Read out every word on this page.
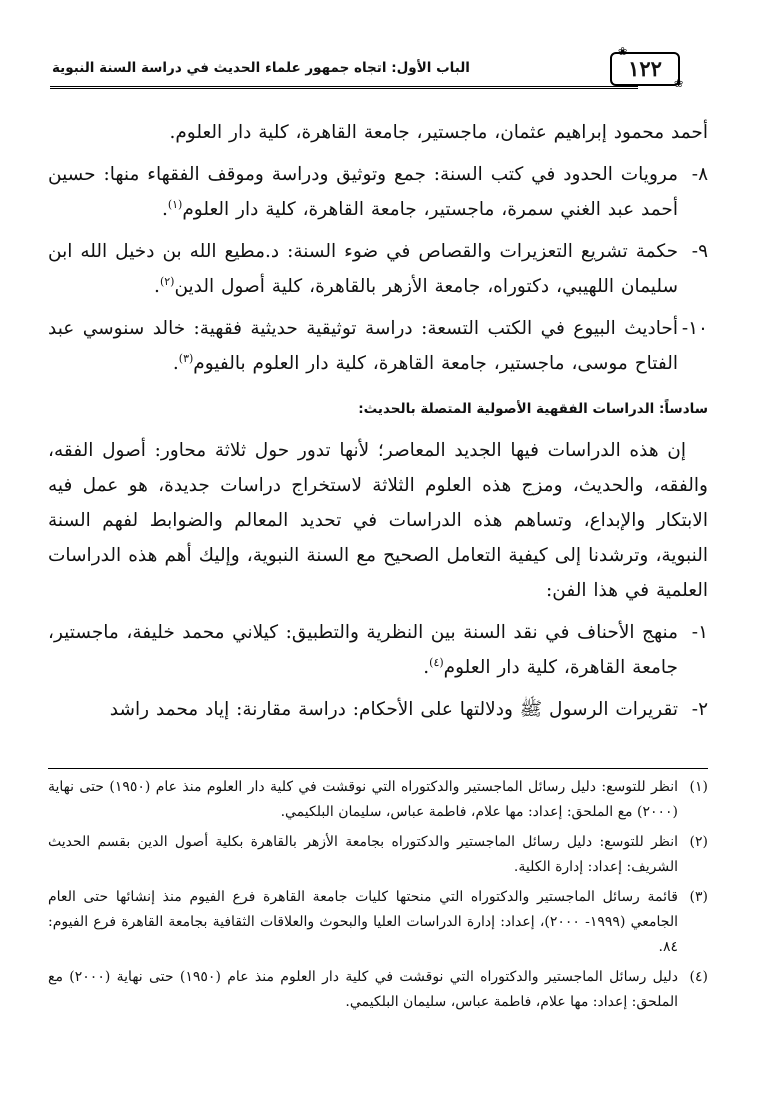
الباب الأول: اتجاه جمهور علماء الحديث في دراسة السنة النبوية	١٢٢
❀
❀

أحمد محمود إبراهيم عثمان، ماجستير، جامعة القاهرة، كلية دار العلوم.

٨-
مرويات الحدود في كتب السنة: جمع وتوثيق ودراسة وموقف الفقهاء منها: حسين أحمد عبد الغني سمرة، ماجستير، جامعة القاهرة، كلية دار العلوم$^{(١)}$.
٩-
حكمة تشريع التعزيرات والقصاص في ضوء السنة: د.مطيع الله بن دخيل الله ابن سليمان اللهيبي، دكتوراه، جامعة الأزهر بالقاهرة، كلية أصول الدين$^{(٢)}$.
١٠-
أحاديث البيوع في الكتب التسعة: دراسة توثيقية حديثية فقهية: خالد سنوسي عبد الفتاح موسى، ماجستير، جامعة القاهرة، كلية دار العلوم بالفيوم$^{(٣)}$.
سادساً: الدراسات الفقهية الأصولية المتصلة بالحديث:

إن هذه الدراسات فيها الجديد المعاصر؛ لأنها تدور حول ثلاثة محاور: أصول الفقه، والفقه، والحديث، ومزج هذه العلوم الثلاثة لاستخراج دراسات جديدة، هو عمل فيه الابتكار والإبداع، وتساهم هذه الدراسات في تحديد المعالم والضوابط لفهم السنة النبوية، وترشدنا إلى كيفية التعامل الصحيح مع السنة النبوية، وإليك أهم هذه الدراسات العلمية في هذا الفن:

١-
منهج الأحناف في نقد السنة بين النظرية والتطبيق: كيلاني محمد خليفة، ماجستير، جامعة القاهرة، كلية دار العلوم$^{(٤)}$.
٢-
تقريرات الرسول ﷺ ودلالتها على الأحكام: دراسة مقارنة: إياد محمد راشد
(١)
انظر للتوسع: دليل رسائل الماجستير والدكتوراه التي نوقشت في كلية دار العلوم منذ عام (١٩٥٠) حتى نهاية (٢٠٠٠) مع الملحق: إعداد: مها علام، فاطمة عباس، سليمان البلكيمي.
(٢)
انظر للتوسع: دليل رسائل الماجستير والدكتوراه بجامعة الأزهر بالقاهرة بكلية أصول الدين بقسم الحديث الشريف: إعداد: إدارة الكلية.
(٣)
قائمة رسائل الماجستير والدكتوراه التي منحتها كليات جامعة القاهرة فرع الفيوم منذ إنشائها حتى العام الجامعي (١٩٩٩- ٢٠٠٠)، إعداد: إدارة الدراسات العليا والبحوث والعلاقات الثقافية بجامعة القاهرة فرع الفيوم: ٨٤.
(٤)
دليل رسائل الماجستير والدكتوراه التي نوقشت في كلية دار العلوم منذ عام (١٩٥٠) حتى نهاية (٢٠٠٠) مع الملحق: إعداد: مها علام، فاطمة عباس، سليمان البلكيمي.
